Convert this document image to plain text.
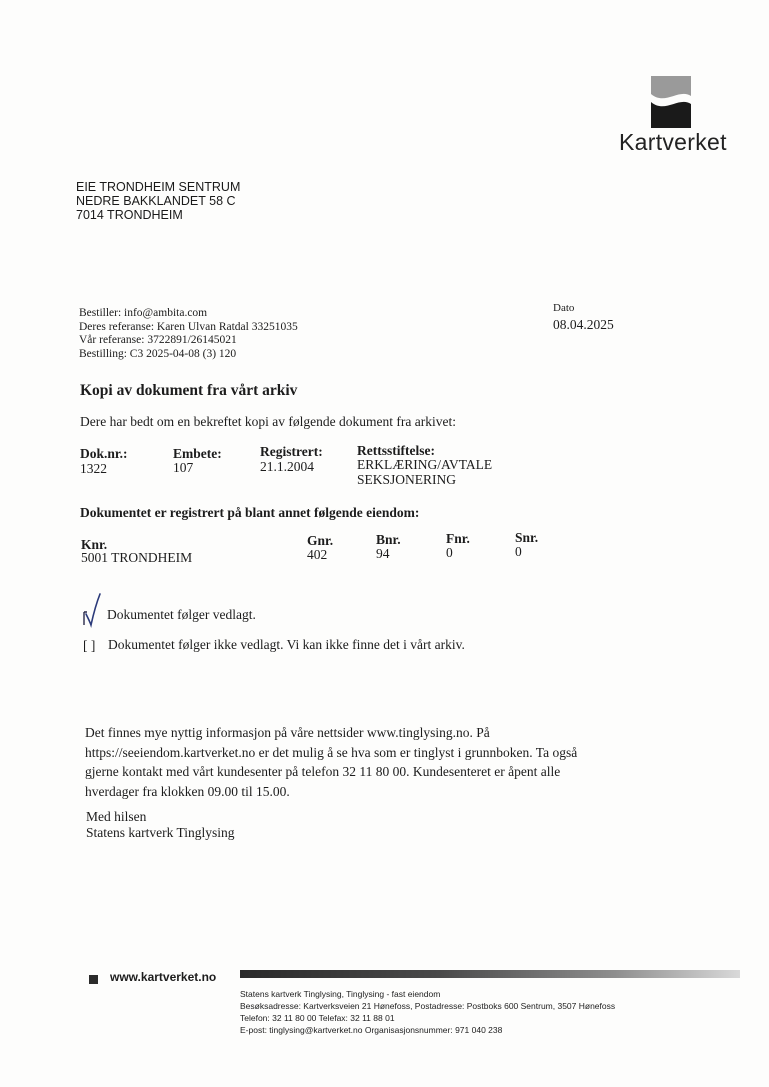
Kartverket
EIE TRONDHEIM SENTRUM
NEDRE BAKKLANDET 58 C
7014 TRONDHEIM
Bestiller: info@ambita.com
Deres referanse: Karen Ulvan Ratdal 33251035
Vår referanse: 3722891/26145021
Bestilling: C3 2025-04-08 (3) 120
Dato
08.04.2025
Kopi av dokument fra vårt arkiv
Dere har bedt om en bekreftet kopi av følgende dokument fra arkivet:
Dok.nr.:	Embete:	Registrert:	Rettsstiftelse:
1322	107	21.1.2004	ERKLÆRING/AVTALE
SEKSJONERING
Dokumentet er registrert på blant annet følgende eiendom:
Knr.	Gnr.	Bnr.	Fnr.	Snr.
5001 TRONDHEIM	402	94	0	0
Dokumentet følger vedlagt.
[ ] Dokumentet følger ikke vedlagt. Vi kan ikke finne det i vårt arkiv.
Det finnes mye nyttig informasjon på våre nettsider www.tinglysing.no. På
https://seeiendom.kartverket.no er det mulig å se hva som er tinglyst i grunnboken. Ta også
gjerne kontakt med vårt kundesenter på telefon 32 11 80 00. Kundesenteret er åpent alle
hverdager fra klokken 09.00 til 15.00.
Med hilsen
Statens kartverk Tinglysing
www.kartverket.no
Statens kartverk Tinglysing, Tinglysing - fast eiendom
Besøksadresse: Kartverksveien 21 Hønefoss, Postadresse: Postboks 600 Sentrum, 3507 Hønefoss
Telefon: 32 11 80 00 Telefax: 32 11 88 01
E-post: tinglysing@kartverket.no Organisasjonsnummer: 971 040 238
